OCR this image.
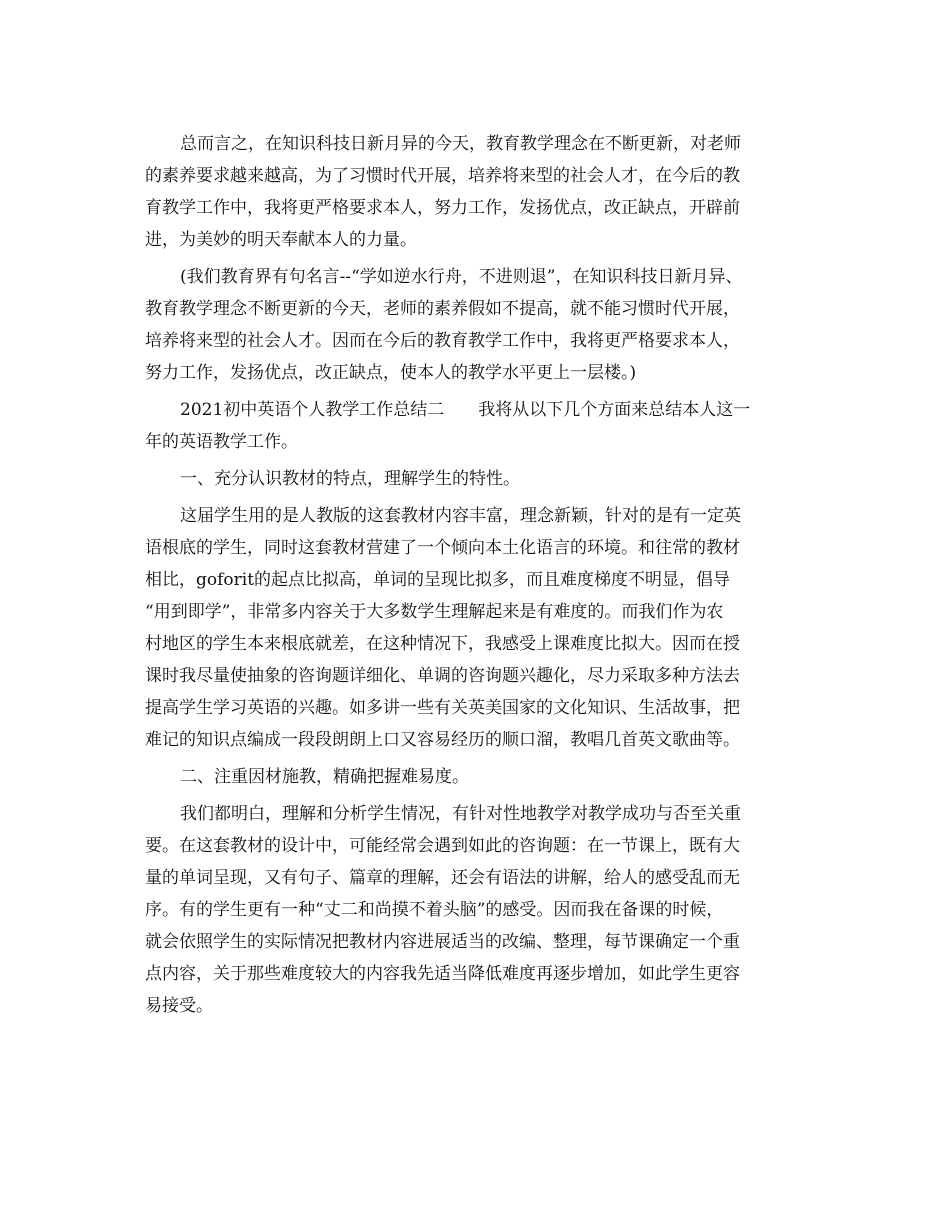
总而言之，在知识科技日新月异的今天，教育教学理念在不断更新，对老师
的素养要求越来越高，为了习惯时代开展，培养将来型的社会人才，在今后的教
育教学工作中，我将更严格要求本人，努力工作，发扬优点，改正缺点，开辟前
进，为美妙的明天奉献本人的力量。
(我们教育界有句名言--“学如逆水行舟，不进则退”，在知识科技日新月异、
教育教学理念不断更新的今天，老师的素养假如不提高，就不能习惯时代开展，
培养将来型的社会人才。因而在今后的教育教学工作中，我将更严格要求本人，
努力工作，发扬优点，改正缺点，使本人的教学水平更上一层楼。)
2021初中英语个人教学工作总结二　　我将从以下几个方面来总结本人这一
年的英语教学工作。
一、充分认识教材的特点，理解学生的特性。
这届学生用的是人教版的这套教材内容丰富，理念新颖，针对的是有一定英
语根底的学生，同时这套教材营建了一个倾向本土化语言的环境。和往常的教材
相比，goforit的起点比拟高，单词的呈现比拟多，而且难度梯度不明显，倡导
“用到即学”，非常多内容关于大多数学生理解起来是有难度的。而我们作为农
村地区的学生本来根底就差，在这种情况下，我感受上课难度比拟大。因而在授
课时我尽量使抽象的咨询题详细化、单调的咨询题兴趣化，尽力采取多种方法去
提高学生学习英语的兴趣。如多讲一些有关英美国家的文化知识、生活故事，把
难记的知识点编成一段段朗朗上口又容易经历的顺口溜，教唱几首英文歌曲等。
二、注重因材施教，精确把握难易度。
我们都明白，理解和分析学生情况，有针对性地教学对教学成功与否至关重
要。在这套教材的设计中，可能经常会遇到如此的咨询题：在一节课上，既有大
量的单词呈现，又有句子、篇章的理解，还会有语法的讲解，给人的感受乱而无
序。有的学生更有一种“丈二和尚摸不着头脑”的感受。因而我在备课的时候，
就会依照学生的实际情况把教材内容进展适当的改编、整理，每节课确定一个重
点内容，关于那些难度较大的内容我先适当降低难度再逐步增加，如此学生更容
易接受。
